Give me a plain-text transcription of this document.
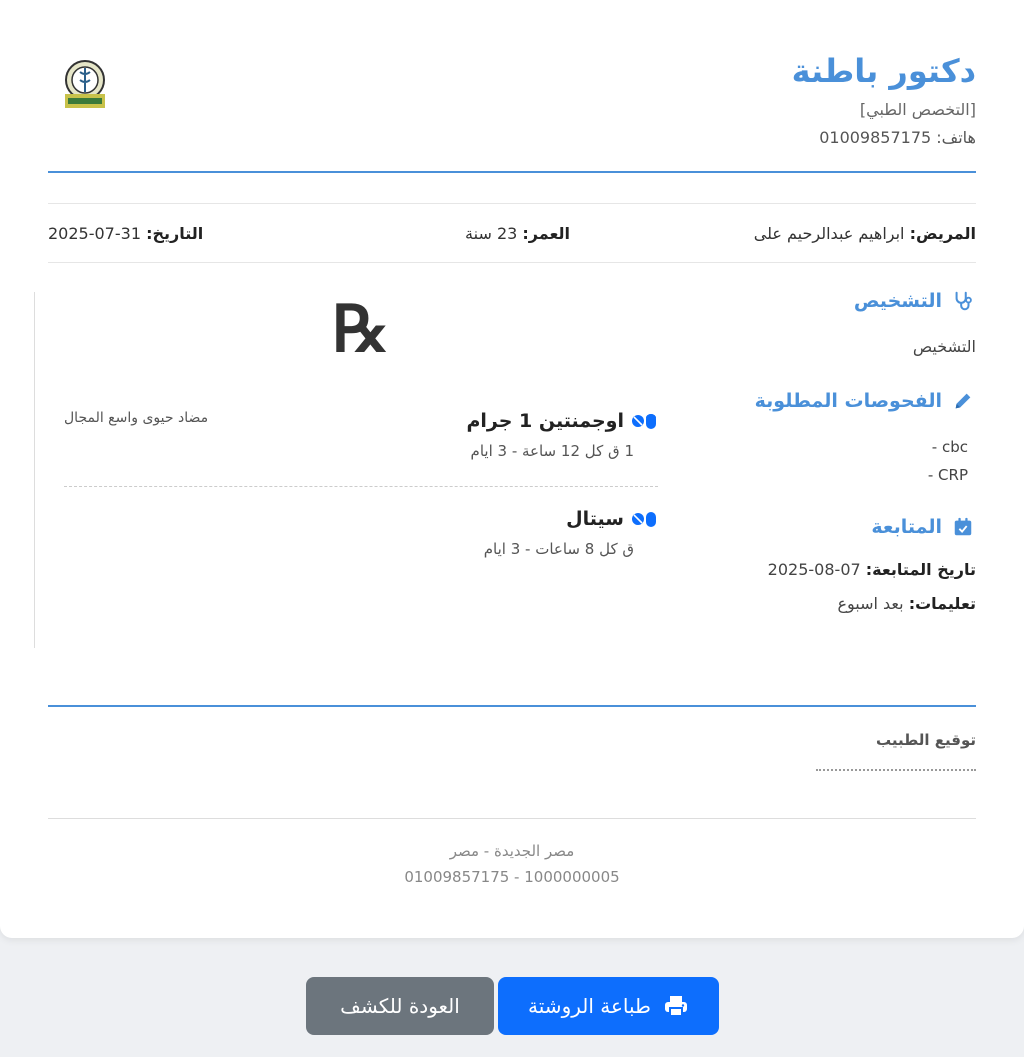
دكتور باطنة
[التخصص الطبي]
هاتف: 01009857175
المريض: ابراهيم عبدالرحيم على
العمر: 23 سنة
التاريخ: 31-07-2025
التشخيص
التشخيص
الفحوصات المطلوبة
- cbc
- CRP
المتابعة
تاريخ المتابعة: 07-08-2025
تعليمات: بعد اسبوع
℞
اوجمنتين 1 جرام
1 ق كل 12 ساعة - 3 ايام
مضاد حيوى واسع المجال
سيتال
ق كل 8 ساعات - 3 ايام
توقيع الطبيب
مصر الجديدة - مصر
01009857175 - 1000000005
طباعة الروشتة
العودة للكشف
